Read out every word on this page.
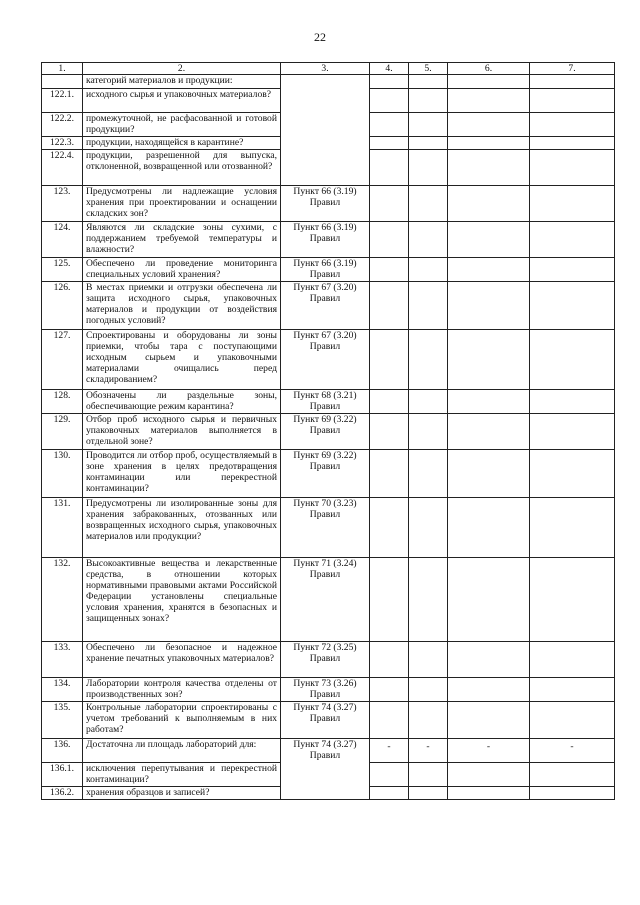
22
1.	2.	3.	4.	5.	6.	7.
	категорий материалов и продукции:					
122.1.	исходного сырья и упаковочных материалов?					
122.2.	промежуточной, не расфасованной и готовой продукции?					
122.3.	продукции, находящейся в карантине?					
122.4.	продукции, разрешенной для выпуска, отклоненной, возвращенной или отозванной?					
123.	Предусмотрены ли надлежащие условия хранения при проектировании и оснащении складских зон?	Пункт 66 (3.19)
Правил				

124.	Являются ли складские зоны сухими, с поддержанием требуемой температуры и влажности?	Пункт 66 (3.19)
Правил				

125.	Обеспечено ли проведение мониторинга специальных условий хранения?	Пункт 66 (3.19)
Правил				

126.	В местах приемки и отгрузки обеспечена ли защита исходного сырья, упаковочных материалов и продукции от воздействия погодных условий?	Пункт 67 (3.20)
Правил				

127.	Спроектированы и оборудованы ли зоны приемки, чтобы тара с поступающими исходным сырьем и упаковочными материалами очищались перед складированием?	Пункт 67 (3.20)
Правил				

128.	Обозначены ли раздельные зоны, обеспечивающие режим карантина?	Пункт 68 (3.21)
Правил				

129.	Отбор проб исходного сырья и первичных упаковочных материалов выполняется в отдельной зоне?	Пункт 69 (3.22)
Правил				

130.	Проводится ли отбор проб, осуществляемый в зоне хранения в целях предотвращения контаминации или перекрестной контаминации?	Пункт 69 (3.22)
Правил				

131.	Предусмотрены ли изолированные зоны для хранения забракованных, отозванных или возвращенных исходного сырья, упаковочных материалов или продукции?	Пункт 70 (3.23)
Правил				

132.	Высокоактивные вещества и лекарственные средства, в отношении которых нормативными правовыми актами Российской Федерации установлены специальные условия хранения, хранятся в безопасных и защищенных зонах?	Пункт 71 (3.24)
Правил				

133.	Обеспечено ли безопасное и надежное хранение печатных упаковочных материалов?	Пункт 72 (3.25)
Правил				

134.	Лаборатории контроля качества отделены от производственных зон?	Пункт 73 (3.26)
Правил				

135.	Контрольные лаборатории спроектированы с учетом требований к выполняемым в них работам?	Пункт 74 (3.27)
Правил				

136.	Достаточна ли площадь лабораторий для:	Пункт 74 (3.27)
Правил	-	-	-	-
136.1.	исключения перепутывания и перекрестной контаминации?					
136.2.	хранения образцов и записей?					
